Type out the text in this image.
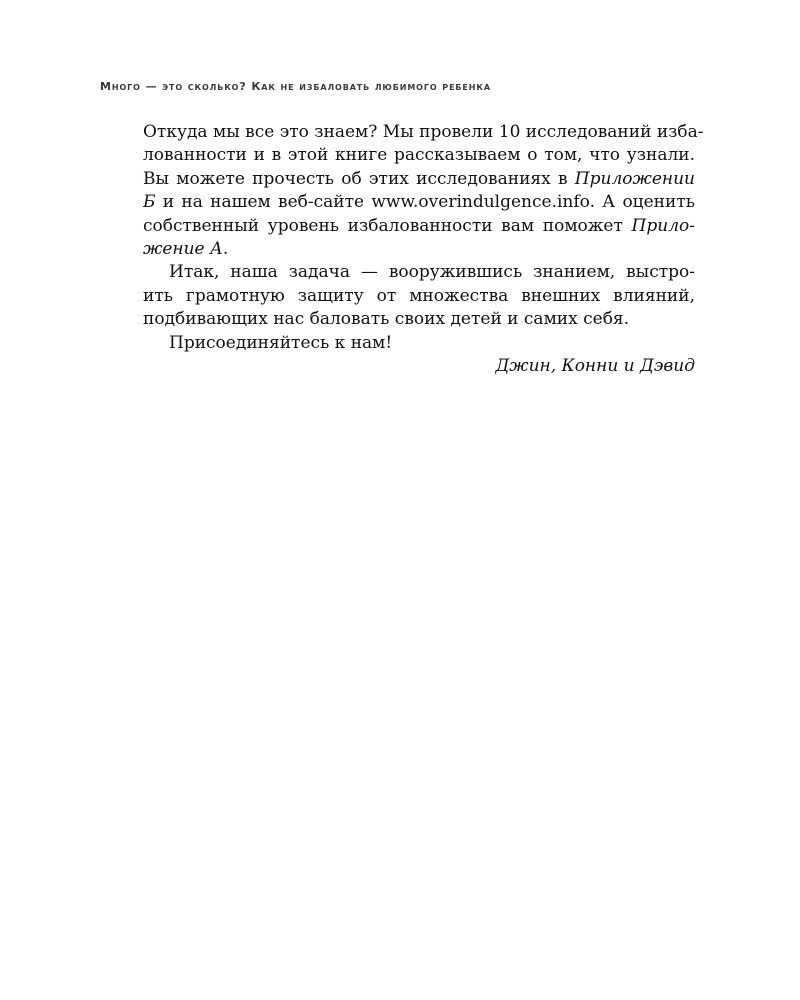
Много — это сколько? Как не избаловать любимого ребенка
Откуда мы все это знаем? Мы провели 10 исследований изба-
лованности и в этой книге рассказываем о том, что узнали.
Вы можете прочесть об этих исследованиях в Приложении
Б и на нашем веб-сайте www.overindulgence.info. А оценить
собственный уровень избалованности вам поможет Прило-
жение А.
Итак, наша задача — вооружившись знанием, выстро-
ить грамотную защиту от множества внешних влияний,
подбивающих нас баловать своих детей и самих себя.
Присоединяйтесь к нам!
Джин, Конни и Дэвид
